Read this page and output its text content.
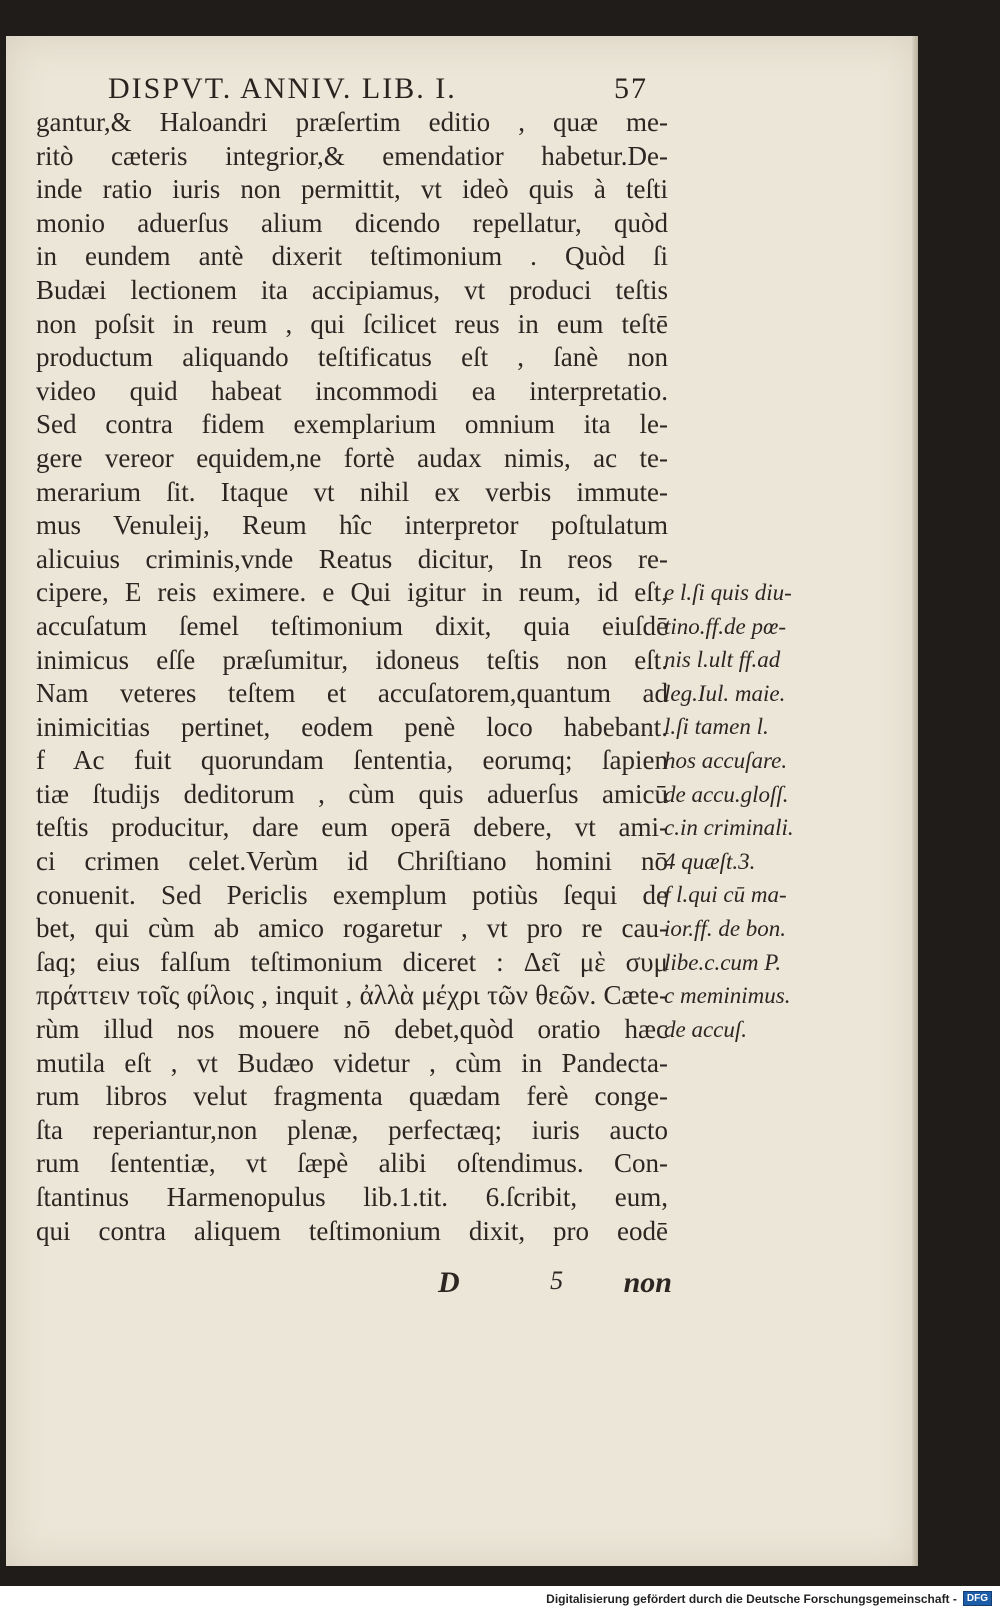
DISPVT. ANNIV. LIB. I.	57
gantur,& Haloandri præſertim editio , quæ me-
ritò cæteris integrior,& emendatior habetur.De-
inde ratio iuris non permittit, vt ideò quis à teſti
monio aduerſus alium dicendo repellatur, quòd
in eundem antè dixerit teſtimonium . Quòd ſi
Budæi lectionem ita accipiamus, vt produci teſtis
non poſsit in reum , qui ſcilicet reus in eum teſtē
productum aliquando teſtificatus eſt , ſanè non
video quid habeat incommodi ea interpretatio.
Sed contra fidem exemplarium omnium ita le-
gere vereor equidem,ne fortè audax nimis, ac te-
merarium ſit. Itaque vt nihil ex verbis immute-
mus Venuleij, Reum hîc interpretor poſtulatum
alicuius criminis,vnde Reatus dicitur, In reos re-
cipere, E reis eximere. e Qui igitur in reum, id eſt,
accuſatum ſemel teſtimonium dixit, quia eiuſdē
inimicus eſſe præſumitur, idoneus teſtis non eſt.
Nam veteres teſtem et accuſatorem,quantum ad
inimicitias pertinet, eodem penè loco habebant.
f Ac fuit quorundam ſententia, eorumq; ſapien
tiæ ſtudijs deditorum , cùm quis aduerſus amicū
teſtis producitur, dare eum operā debere, vt ami-
ci crimen celet.Verùm id Chriſtiano homini nō
conuenit. Sed Periclis exemplum potiùs ſequi de
bet, qui cùm ab amico rogaretur , vt pro re cau-
ſaq; eius falſum teſtimonium diceret : Δεῖ μὲ συμ
πράττειν τοῖς φίλοις , inquit , ἀλλὰ μέχρι τῶν θεῶν. Cæte-
rùm illud nos mouere nō debet,quòd oratio hæc
mutila eſt , vt Budæo videtur , cùm in Pandecta-
rum libros velut fragmenta quædam ferè conge-
ſta reperiantur,non plenæ, perfectæq; iuris aucto
rum ſententiæ, vt ſæpè alibi oſtendimus. Con-
ſtantinus Harmenopulus lib.1.tit. 6.ſcribit, eum,
qui contra aliquem teſtimonium dixit, pro eodē
e l.ſi quis diu-
tino.ff.de pœ-
nis l.ult ff.ad
leg.Iul. maie.
l.ſi tamen l.
hos accuſare.
de accu.gloſſ.
c.in criminali.
4 quæſt.3.
f l.qui cū ma-
ior.ff. de bon.
libe.c.cum P.
c meminimus.
de accuſ.
D	5 non
Digitalisierung gefördert durch die Deutsche Forschungsgemeinschaft -	DFG
